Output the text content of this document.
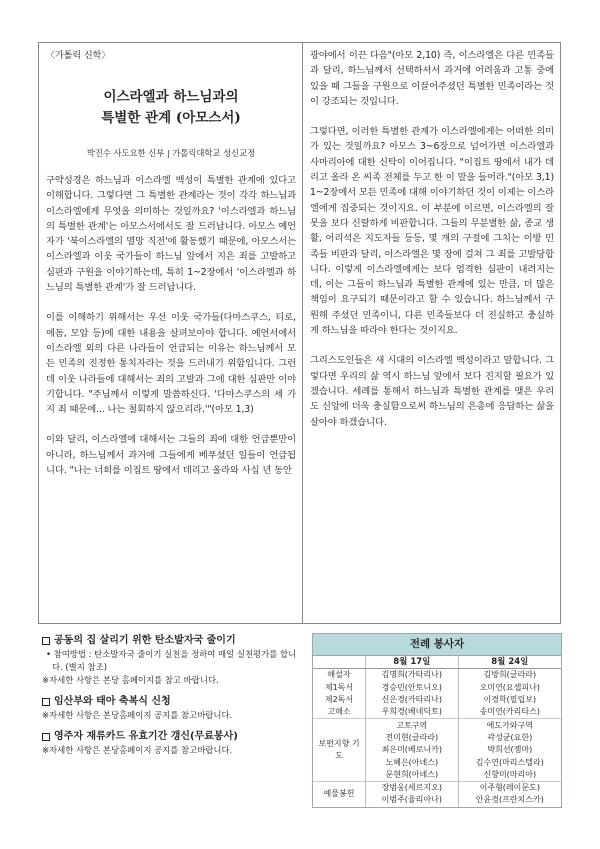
〈가톨릭 신학〉
이스라엘과 하느님과의
특별한 관계 (아모스서)
박진수 사도요한 신부 | 가톨릭대학교 성신교정

구약성경은 하느님과 이스라엘 백성이 특별한 관계에 있다고 이해합니다. 그렇다면 그 특별한 관계라는 것이 각각 하느님과 이스라엘에게 무엇을 의미하는 것일까요? '이스라엘과 하느님의 특별한 관계'는 아모스서에서도 잘 드러납니다. 아모스 예언자가 '북이스라엘의 멸망 직전'에 활동했기 때문에, 아모스서는 이스라엘과 이웃 국가들이 하느님 앞에서 지은 죄를 고발하고 심판과 구원을 이야기하는데, 특히 1~2장에서 '이스라엘과 하느님의 특별한 관계'가 잘 드러납니다.

이를 이해하기 위해서는 우선 이웃 국가들(다마스쿠스, 티로, 에돔, 모압 등)에 대한 내용을 살펴보아야 합니다. 예언서에서 이스라엘 외의 다른 나라들이 언급되는 이유는 하느님께서 모든 민족의 진정한 통치자라는 것을 드러내기 위함입니다. 그런데 이웃 나라들에 대해서는 죄의 고발과 그에 대한 심판만 이야기합니다. "주님께서 이렇게 말씀하신다. '다마스쿠스의 세 가지 죄 때문에... 나는 철회하지 않으리라.'"(아모 1,3)

이와 달리, 이스라엘에 대해서는 그들의 죄에 대한 언급뿐만이 아니라, 하느님께서 과거에 그들에게 베푸셨던 일들이 언급됩니다. "나는 너희를 이집트 땅에서 데리고 올라와 사십 년 동안

광야에서 이끈 다음"(아모 2,10) 즉, 이스라엘은 다른 민족들과 달리, 하느님께서 선택하셔서 과거에 어려움과 고통 중에 있을 때 그들을 구원으로 이끌어주셨던 특별한 민족이라는 것이 강조되는 것입니다.

그렇다면, 이러한 특별한 관계가 이스라엘에게는 어떠한 의미가 있는 것일까요? 아모스 3~6장으로 넘어가면 이스라엘과 사마리아에 대한 신탁이 이어집니다. "이집트 땅에서 내가 데리고 올라 온 씨족 전체를 두고 한 이 말을 들어라."(아모 3,1) 1~2장에서 모든 민족에 대해 이야기하던 것이 이제는 이스라엘에게 집중되는 것이지요. 이 부분에 이르면, 이스라엘의 잘못을 보다 신랄하게 비판합니다. 그들의 무분별한 삶, 종교 생활, 어리석은 지도자들 등등, 몇 개의 구절에 그치는 이방 민족들 비판과 달리, 이스라엘은 몇 장에 걸쳐 그 죄를 고발당합니다. 이렇게 이스라엘에게는 보다 엄격한 심판이 내려지는데, 이는 그들이 하느님과 특별한 관계에 있는 만큼, 더 많은 책임이 요구되기 때문이라고 할 수 있습니다. 하느님께서 구원해 주셨던 민족이니, 다른 민족들보다 더 진실하고 충실하게 하느님을 따라야 한다는 것이지요.

그리스도인들은 새 시대의 이스라엘 백성이라고 말합니다. 그렇다면 우리의 삶 역시 하느님 앞에서 보다 진지할 필요가 있겠습니다. 세례를 통해서 하느님과 특별한 관계를 맺은 우리도 신앙에 더욱 충실함으로써 하느님의 은총에 응답하는 삶을 살아야 하겠습니다.

공동의 집 살리기 위한 탄소발자국 줄이기

• 참여방법 : 탄소발자국 줄이기 실천을 정하여 매일 실천평가를 합니다. (별지 참조)

※자세한 사항은 본당 홈페이지를 참고 바랍니다.

임산부와 태아 축복식 신청

※자세한 사항은 본당홈페이지 공지를 참고바랍니다.

영주자 재류카드 유효기간 갱신(무료봉사)

※자세한 사항은 본당홈페이지 공지를 참고바랍니다.

전례 봉사자
	8월 17일	8월 24일
해설자	김명희(가타리나)	김방희(글라라)
제1독서	경승민(안토니오)	오미연(요셉피나)
제2독서	신은경(카타리나)	이경학(필립보)
고해소	우희경(베네딕토)	송미연(카리타스)
보편지향 기 도	고토구역	에도가와구역
	전미현(글라라)	곽성균(요한)
	최은미(베로니카)	박희선(젬마)
	노혜은(아녜스)	김수연(마리스텔라)
	문현희(아녜스)	신향미(마리아)
예물봉헌	장범웅(세르지오)	이주형(레이문도)
	이범주(율리아나)	안윤경(프란치스카)
